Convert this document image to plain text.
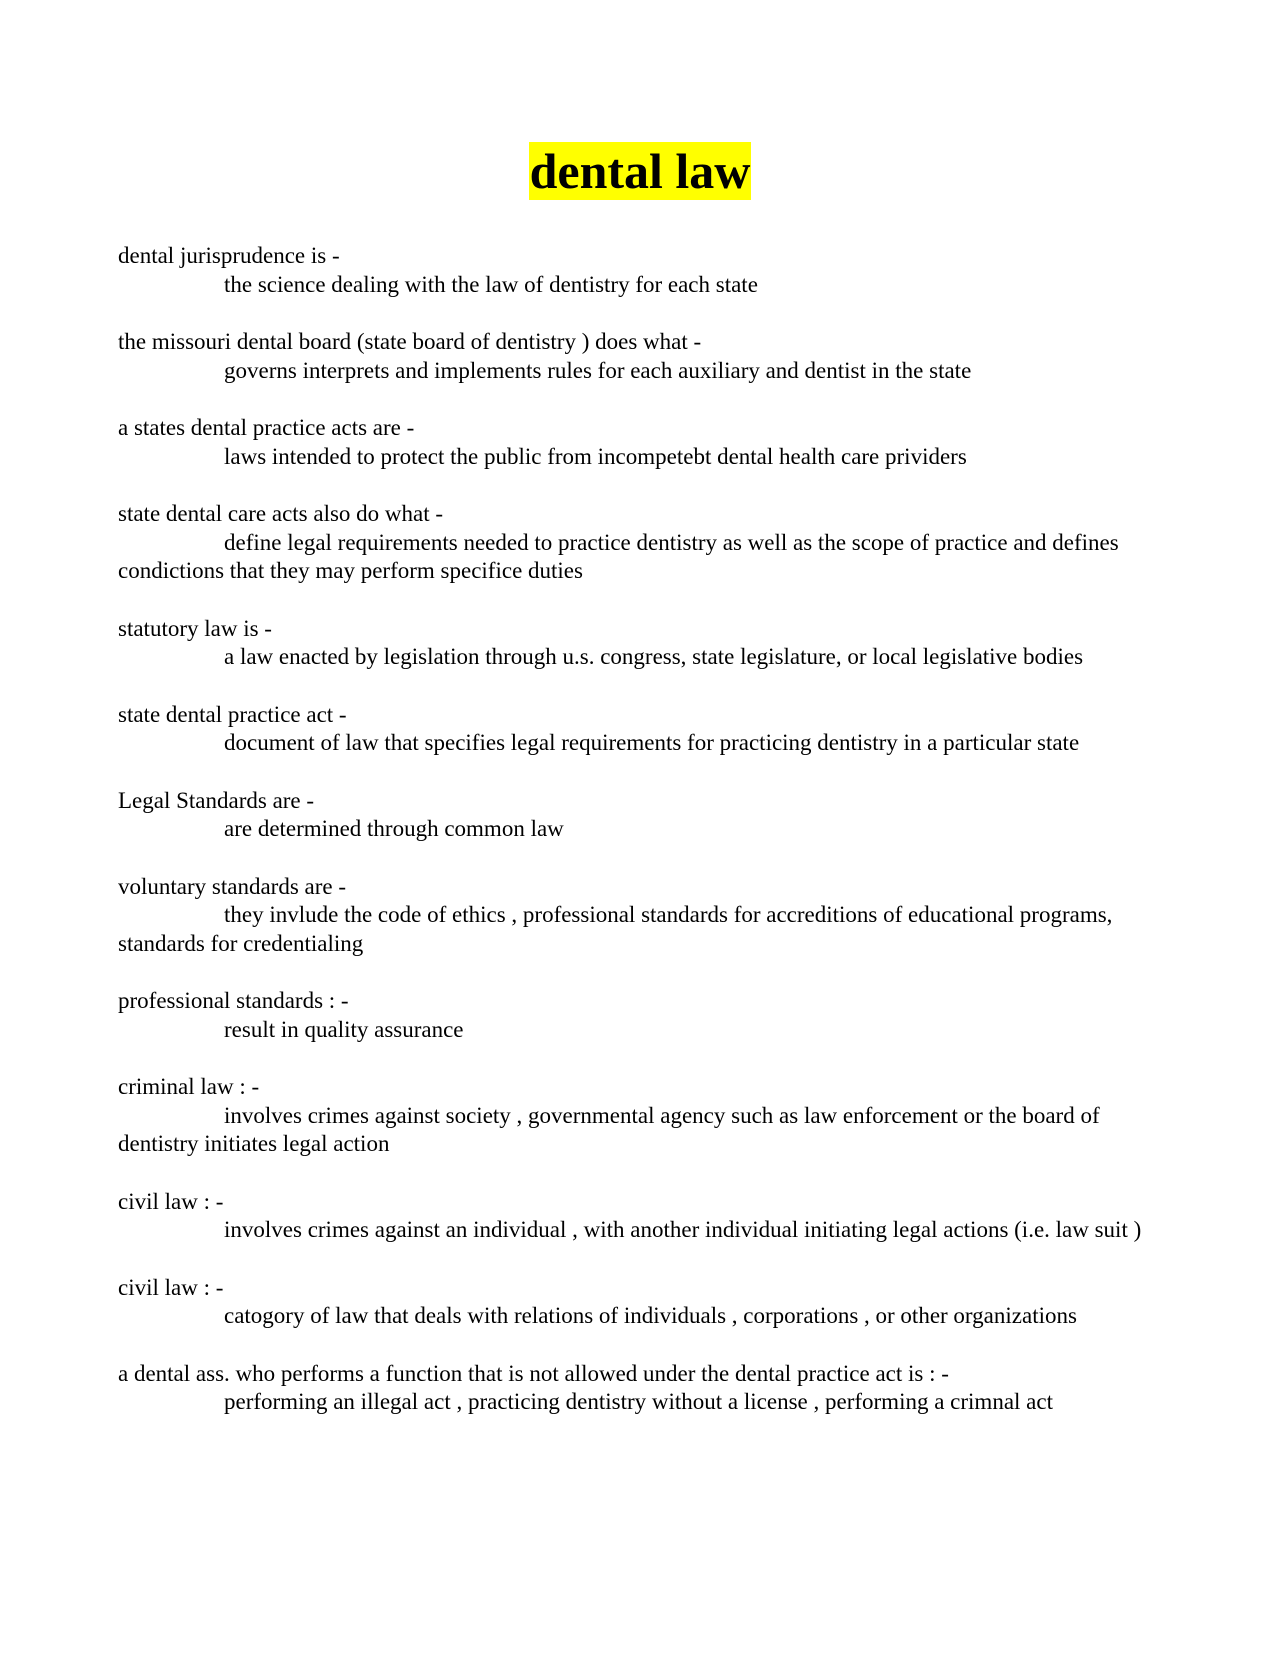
dental law
dental jurisprudence is -
the science dealing with the law of dentistry for each state
the missouri dental board (state board of dentistry ) does what -
governs interprets and implements rules for each auxiliary and dentist in the state
a states dental practice acts are -
laws intended to protect the public from incompetebt dental health care prividers
state dental care acts also do what -
define legal requirements needed to practice dentistry as well as the scope of practice and defines condictions that they may perform specifice duties
statutory law is -
a law enacted by legislation through u.s. congress, state legislature, or local legislative bodies
state dental practice act -
document of law that specifies legal requirements for practicing dentistry in a particular state
Legal Standards are -
are determined through common law
voluntary standards are -
they invlude the code of ethics , professional standards for accreditions of educational programs, standards for credentialing
professional standards : -
result in quality assurance
criminal law : -
involves crimes against society , governmental agency such as law enforcement or the board of dentistry initiates legal action
civil law : -
involves crimes against an individual , with another individual initiating legal actions (i.e. law suit )
civil law : -
catogory of law that deals with relations of individuals , corporations , or other organizations
a dental ass. who performs a function that is not allowed under the dental practice act is : -
performing an illegal act , practicing dentistry without a license , performing a crimnal act
